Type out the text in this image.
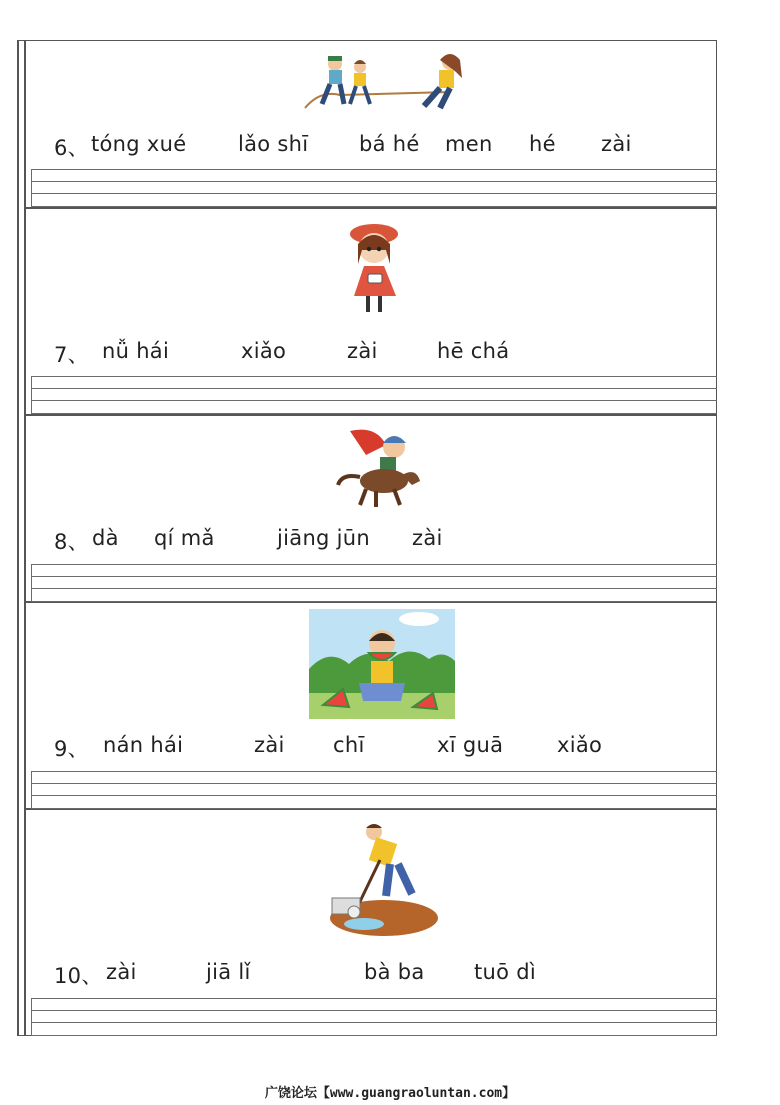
6、 tóng xué lǎo shī bá hé men hé zài
7、 nǚ hái	xiǎo	zài	hē chá
8、 dà qí mǎ	jiāng jūn zài
9、 nán hái	zài chī	xī guā	xiǎo
10、 zài	jiā lǐ	bà ba tuō dì
广饶论坛【www.guangraoluntan.com】
